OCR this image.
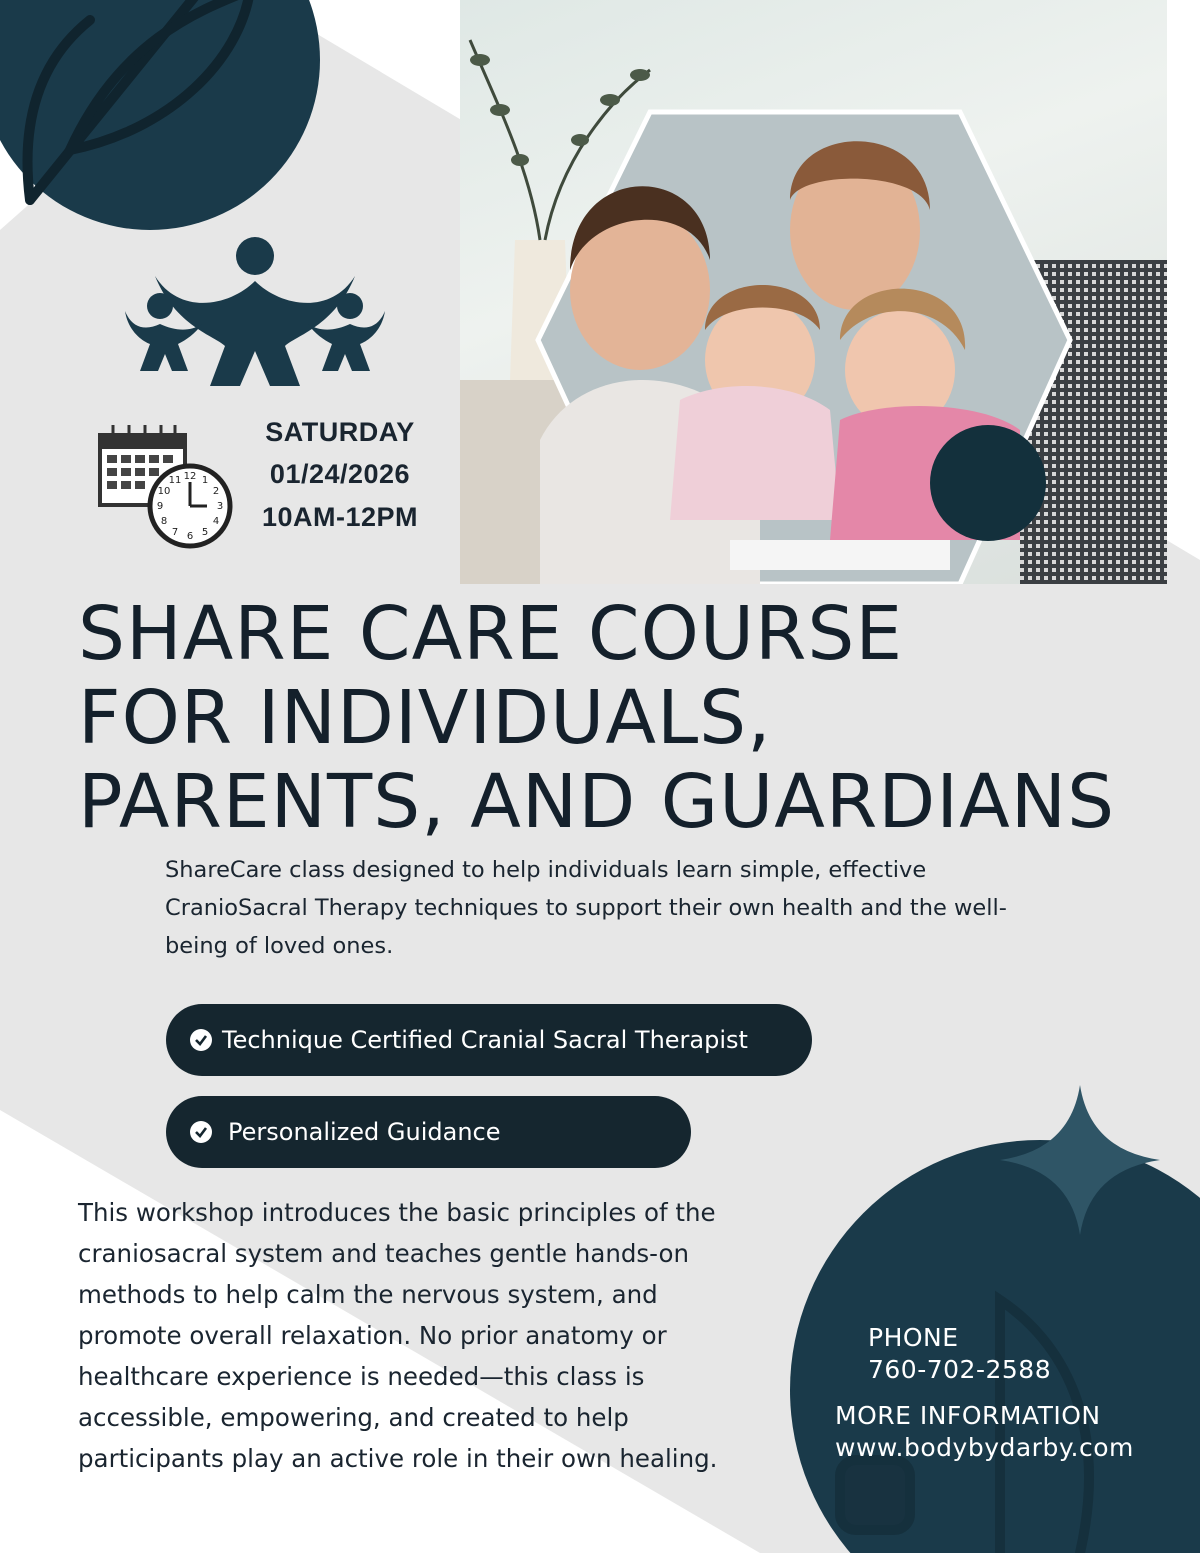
12 1
2
3
4
5
6
7
8
9
10
11
SATURDAY
01/24/2026
10AM-12PM
SHARE CARE COURSE
FOR INDIVIDUALS,
PARENTS, AND GUARDIANS

ShareCare class designed to help individuals learn simple, effective CranioSacral Therapy techniques to support their own health and the well-being of loved ones.

Technique Certified Cranial Sacral Therapist
Personalized Guidance

This workshop introduces the basic principles of the craniosacral system and teaches gentle hands-on methods to help calm the nervous system, and promote overall relaxation. No prior anatomy or healthcare experience is needed—this class is accessible, empowering, and created to help participants play an active role in their own healing.

PHONE
760-702-2588
MORE INFORMATION
www.bodybydarby.com
